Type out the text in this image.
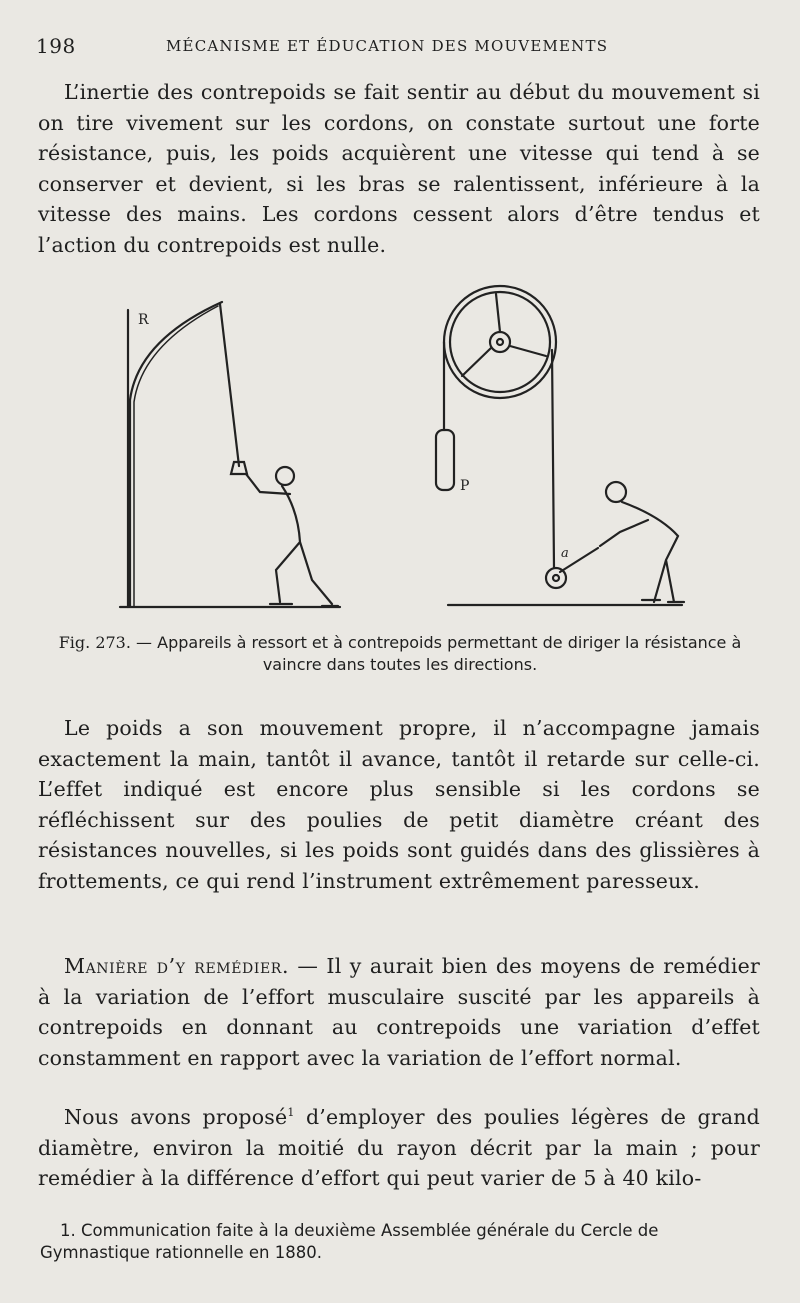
198	MÉCANISME ET ÉDUCATION DES MOUVEMENTS

L’inertie des contrepoids se fait sentir au début du mouvement si on tire vivement sur les cordons, on constate surtout une forte résistance, puis, les poids acquièrent une vitesse qui tend à se conserver et devient, si les bras se ralentissent, inférieure à la vitesse des mains. Les cordons cessent alors d’être tendus et l’action du contrepoids est nulle.

R
P
a

Fig. 273. — Appareils à ressort et à contrepoids permettant de diriger la résistance à vaincre dans toutes les directions.

Le poids a son mouvement propre, il n’accompagne jamais exactement la main, tantôt il avance, tantôt il retarde sur celle-ci. L’effet indiqué est encore plus sensible si les cordons se réfléchissent sur des poulies de petit diamètre créant des résistances nouvelles, si les poids sont guidés dans des glissières à frottements, ce qui rend l’instrument extrêmement paresseux.

Manière d’y remédier. — Il y aurait bien des moyens de remédier à la variation de l’effort musculaire suscité par les appareils à contrepoids en donnant au contrepoids une variation d’effet constamment en rapport avec la variation de l’effort normal.

Nous avons proposé$^1$ d’employer des poulies légères de grand diamètre, environ la moitié du rayon décrit par la main ; pour remédier à la différence d’effort qui peut varier de 5 à 40 kilo-

1. Communication faite à la deuxième Assemblée générale du Cercle de Gymnastique rationnelle en 1880.
